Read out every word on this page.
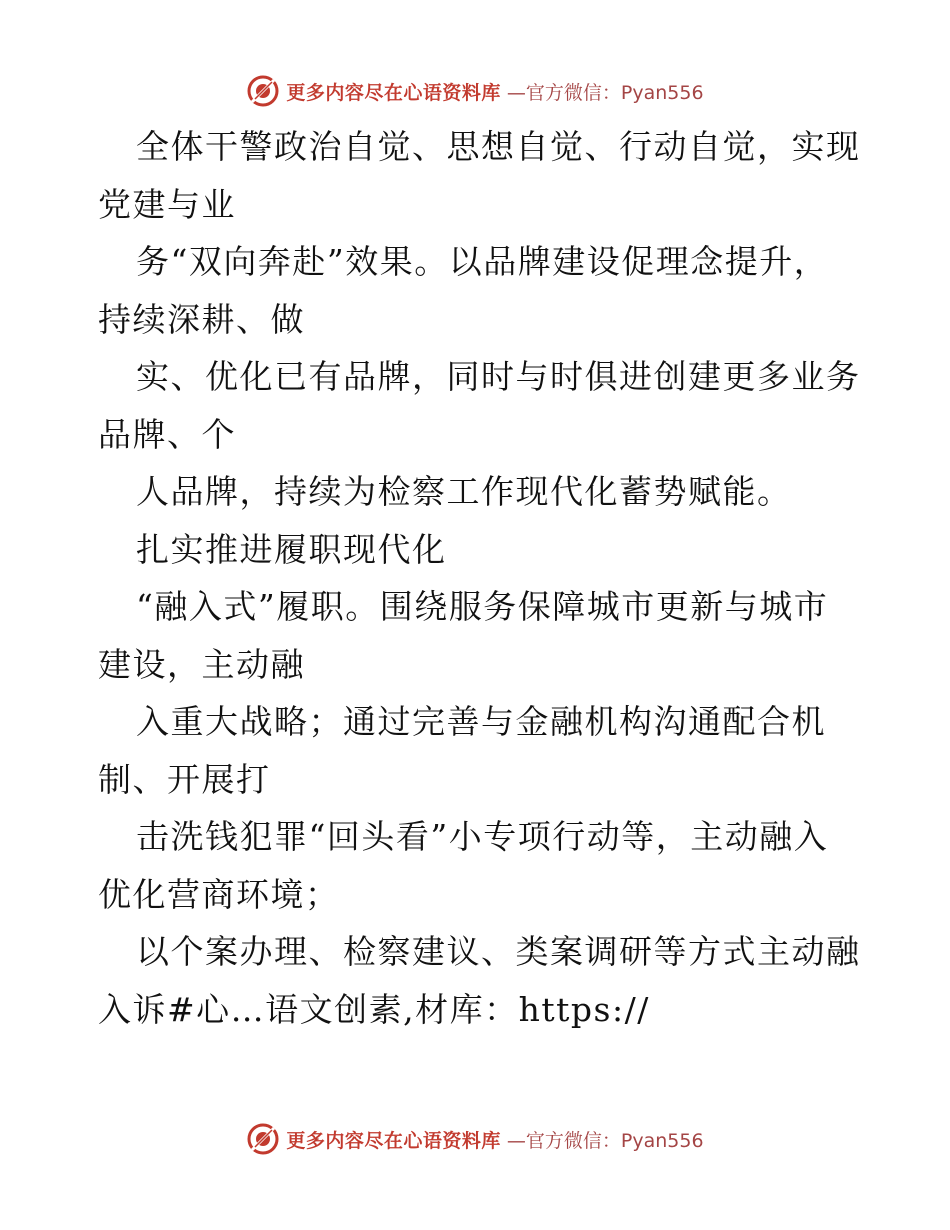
更多内容尽在心语资料库 —官方微信：Pyan556
全体干警政治自觉、思想自觉、行动自觉，实现
党建与业
务“双向奔赴”效果。以品牌建设促理念提升，
持续深耕、做
实、优化已有品牌，同时与时俱进创建更多业务
品牌、个
人品牌，持续为检察工作现代化蓄势赋能。
扎实推进履职现代化
“融入式”履职。围绕服务保障城市更新与城市
建设，主动融
入重大战略；通过完善与金融机构沟通配合机
制、开展打
击洗钱犯罪“回头看”小专项行动等，主动融入
优化营商环境；
以个案办理、检察建议、类案调研等方式主动融
入诉#心…语文创素,材库：https://
更多内容尽在心语资料库 —官方微信：Pyan556
